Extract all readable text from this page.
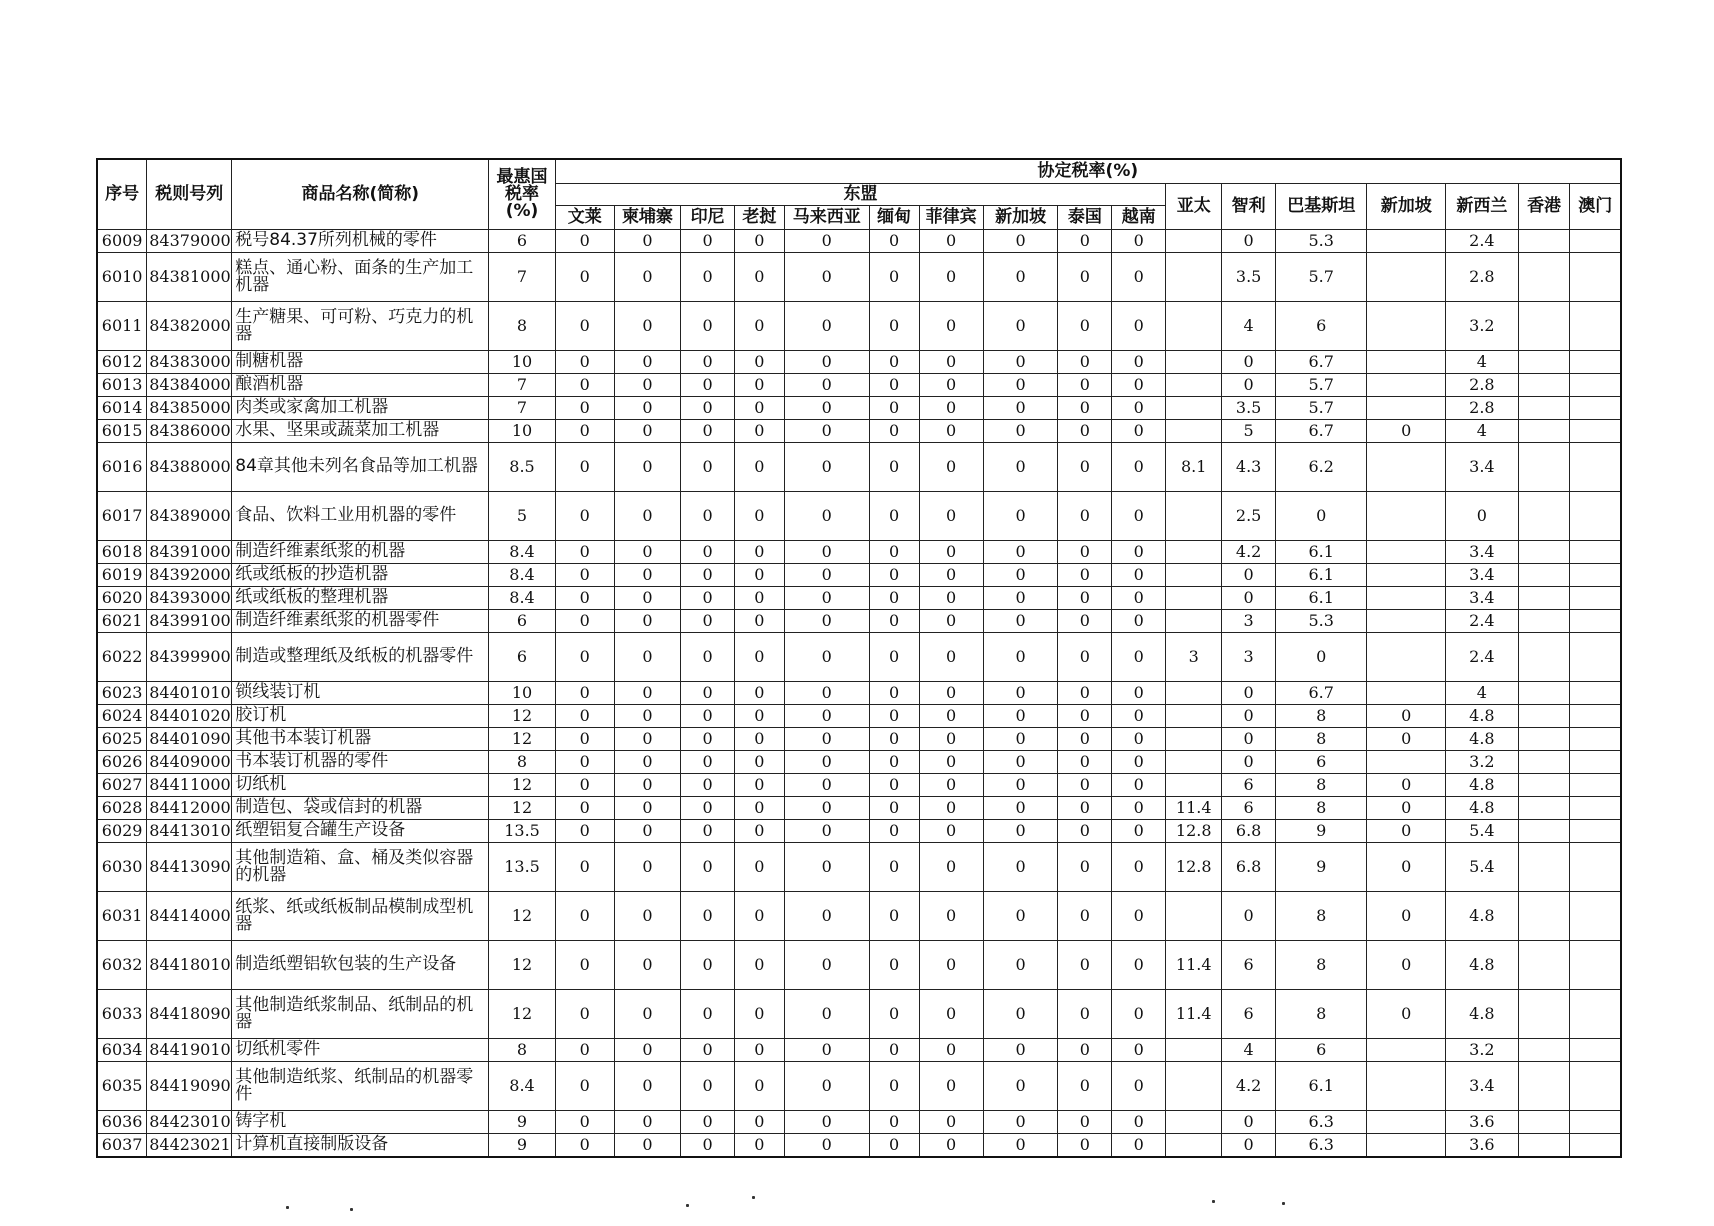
序号	税则号列	商品名称(简称)	最惠国税率(%)	协定税率(%)																
				东盟										亚太	智利	巴基斯坦	新加坡	新西兰	香港	澳门
				文莱	柬埔寨	印尼	老挝	马来西亚	缅甸	菲律宾	新加坡	泰国	越南							
6009	84379000	税号84.37所列机械的零件	6	0	0	0	0	0	0	0	0	0	0		0	5.3		2.4		
6010	84381000	糕点、通心粉、面条的生产加工机器	7	0	0	0	0	0	0	0	0	0	0		3.5	5.7		2.8		
6011	84382000	生产糖果、可可粉、巧克力的机器	8	0	0	0	0	0	0	0	0	0	0		4	6		3.2		
6012	84383000	制糖机器	10	0	0	0	0	0	0	0	0	0	0		0	6.7		4		
6013	84384000	酿酒机器	7	0	0	0	0	0	0	0	0	0	0		0	5.7		2.8		
6014	84385000	肉类或家禽加工机器	7	0	0	0	0	0	0	0	0	0	0		3.5	5.7		2.8		
6015	84386000	水果、坚果或蔬菜加工机器	10	0	0	0	0	0	0	0	0	0	0		5	6.7	0	4		
6016	84388000	84章其他未列名食品等加工机器	8.5	0	0	0	0	0	0	0	0	0	0	8.1	4.3	6.2		3.4		
6017	84389000	食品、饮料工业用机器的零件	5	0	0	0	0	0	0	0	0	0	0		2.5	0		0		
6018	84391000	制造纤维素纸浆的机器	8.4	0	0	0	0	0	0	0	0	0	0		4.2	6.1		3.4		
6019	84392000	纸或纸板的抄造机器	8.4	0	0	0	0	0	0	0	0	0	0		0	6.1		3.4		
6020	84393000	纸或纸板的整理机器	8.4	0	0	0	0	0	0	0	0	0	0		0	6.1		3.4		
6021	84399100	制造纤维素纸浆的机器零件	6	0	0	0	0	0	0	0	0	0	0		3	5.3		2.4		
6022	84399900	制造或整理纸及纸板的机器零件	6	0	0	0	0	0	0	0	0	0	0	3	3	0		2.4		
6023	84401010	锁线装订机	10	0	0	0	0	0	0	0	0	0	0		0	6.7		4		
6024	84401020	胶订机	12	0	0	0	0	0	0	0	0	0	0		0	8	0	4.8		
6025	84401090	其他书本装订机器	12	0	0	0	0	0	0	0	0	0	0		0	8	0	4.8		
6026	84409000	书本装订机器的零件	8	0	0	0	0	0	0	0	0	0	0		0	6		3.2		
6027	84411000	切纸机	12	0	0	0	0	0	0	0	0	0	0		6	8	0	4.8		
6028	84412000	制造包、袋或信封的机器	12	0	0	0	0	0	0	0	0	0	0	11.4	6	8	0	4.8		
6029	84413010	纸塑铝复合罐生产设备	13.5	0	0	0	0	0	0	0	0	0	0	12.8	6.8	9	0	5.4		
6030	84413090	其他制造箱、盒、桶及类似容器的机器	13.5	0	0	0	0	0	0	0	0	0	0	12.8	6.8	9	0	5.4		
6031	84414000	纸浆、纸或纸板制品模制成型机器	12	0	0	0	0	0	0	0	0	0	0		0	8	0	4.8		
6032	84418010	制造纸塑铝软包装的生产设备	12	0	0	0	0	0	0	0	0	0	0	11.4	6	8	0	4.8		
6033	84418090	其他制造纸浆制品、纸制品的机器	12	0	0	0	0	0	0	0	0	0	0	11.4	6	8	0	4.8		
6034	84419010	切纸机零件	8	0	0	0	0	0	0	0	0	0	0		4	6		3.2		
6035	84419090	其他制造纸浆、纸制品的机器零件	8.4	0	0	0	0	0	0	0	0	0	0		4.2	6.1		3.4		
6036	84423010	铸字机	9	0	0	0	0	0	0	0	0	0	0		0	6.3		3.6		
6037	84423021	计算机直接制版设备	9	0	0	0	0	0	0	0	0	0	0		0	6.3		3.6		
